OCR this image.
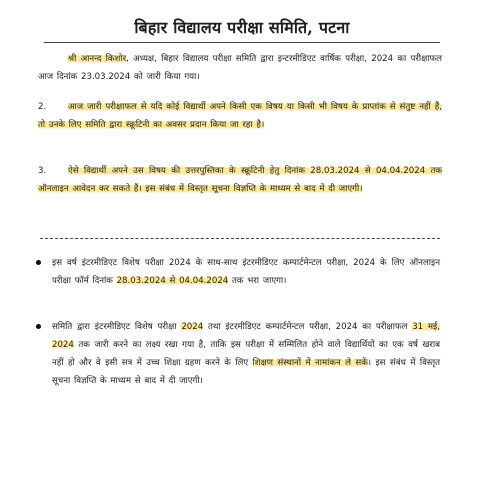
बिहार विद्यालय परीक्षा समिति, पटना
श्री आनन्द किशोर, अध्यक्ष, बिहार विद्यालय परीक्षा समिति द्वारा इन्टरमीडिएट वार्षिक परीक्षा, 2024 का परीक्षाफल आज दिनांक 23.03.2024 को जारी किया गया।
2.	आज जारी परीक्षाफल से यदि कोई विद्यार्थी अपने किसी एक विषय या किसी भी विषय के प्राप्तांक से संतुष्ट नहीं हैं, तो उनके लिए समिति द्वारा स्क्रूटिनी का अवसर प्रदान किया जा रहा है।
3.	ऐसे विद्यार्थी अपने उस विषय की उत्तरपुस्तिका के स्क्रूटिनी हेतु दिनांक 28.03.2024 से 04.04.2024 तक ऑनलाइन आवेदन कर सकते हैं। इस संबंध में विस्तृत सूचना विज्ञप्ति के माध्यम से बाद में दी जाएगी।
इस वर्ष इंटरमीडिएट विशेष परीक्षा 2024 के साथ-साथ इंटरमीडिएट कम्पार्टमेन्टल परीक्षा, 2024 के लिए ऑनलाइन परीक्षा फॉर्म दिनांक 28.03.2024 से 04.04.2024 तक भरा जाएगा।
समिति द्वारा इंटरमीडिएट विशेष परीक्षा 2024 तथा इंटरमीडिएट कम्पार्टमेन्टल परीक्षा, 2024 का परीक्षाफल 31 मई, 2024 तक जारी करने का लक्ष्य रखा गया है, ताकि इस परीक्षा में सम्मिलित होने वाले विद्यार्थियों का एक वर्ष खराब नहीं हो और वे इसी सत्र में उच्च शिक्षा ग्रहण करने के लिए शिक्षण संस्थानों में नामांकन ले सकें। इस संबंध में विस्तृत सूचना विज्ञप्ति के माध्यम से बाद में दी जाएगी।
